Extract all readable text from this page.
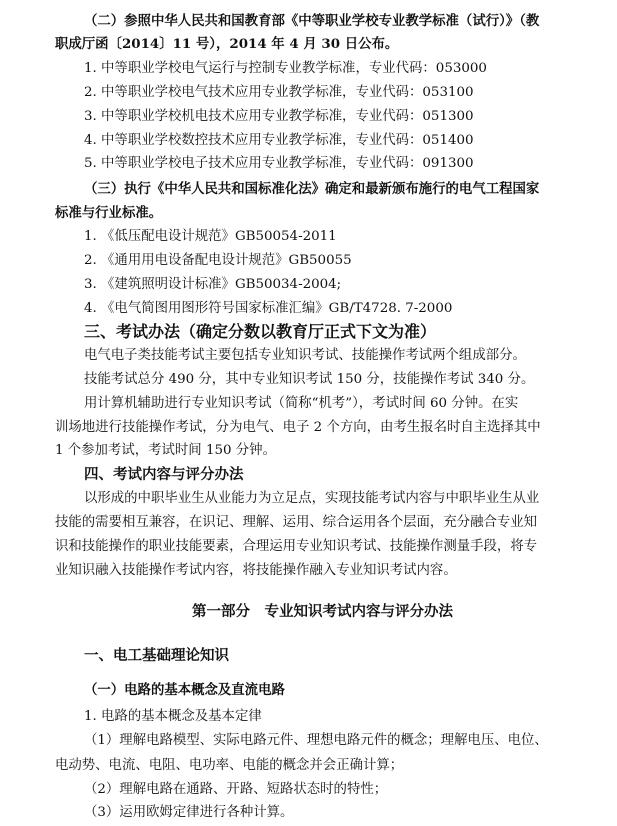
（二）参照中华人民共和国教育部《中等职业学校专业教学标准（试行）》（教
职成厅函〔2014〕11 号），2014 年 4 月 30 日公布。
1. 中等职业学校电气运行与控制专业教学标准，专业代码：053000
2. 中等职业学校电气技术应用专业教学标准，专业代码：053100
3. 中等职业学校机电技术应用专业教学标准，专业代码：051300
4. 中等职业学校数控技术应用专业教学标准，专业代码：051400
5. 中等职业学校电子技术应用专业教学标准，专业代码：091300
（三）执行《中华人民共和国标准化法》确定和最新颁布施行的电气工程国家
标准与行业标准。
1. 《低压配电设计规范》GB50054-2011
2. 《通用用电设备配电设计规范》GB50055
3. 《建筑照明设计标准》GB50034-2004;
4. 《电气简图用图形符号国家标准汇编》GB/T4728. 7-2000
三、考试办法（确定分数以教育厅正式下文为准）
电气电子类技能考试主要包括专业知识考试、技能操作考试两个组成部分。
技能考试总分 490 分，其中专业知识考试 150 分，技能操作考试 340 分。
用计算机辅助进行专业知识考试（简称“机考”），考试时间 60 分钟。在实
训场地进行技能操作考试，分为电气、电子 2 个方向，由考生报名时自主选择其中
1 个参加考试，考试时间 150 分钟。
四、考试内容与评分办法
以形成的中职毕业生从业能力为立足点，实现技能考试内容与中职毕业生从业
技能的需要相互兼容，在识记、理解、运用、综合运用各个层面，充分融合专业知
识和技能操作的职业技能要素，合理运用专业知识考试、技能操作测量手段，将专
业知识融入技能操作考试内容，将技能操作融入专业知识考试内容。
第一部分　专业知识考试内容与评分办法
一、电工基础理论知识
（一）电路的基本概念及直流电路
1. 电路的基本概念及基本定律
（1）理解电路模型、实际电路元件、理想电路元件的概念；理解电压、电位、
电动势、电流、电阻、电功率、电能的概念并会正确计算；
（2）理解电路在通路、开路、短路状态时的特性；
（3）运用欧姆定律进行各种计算。
